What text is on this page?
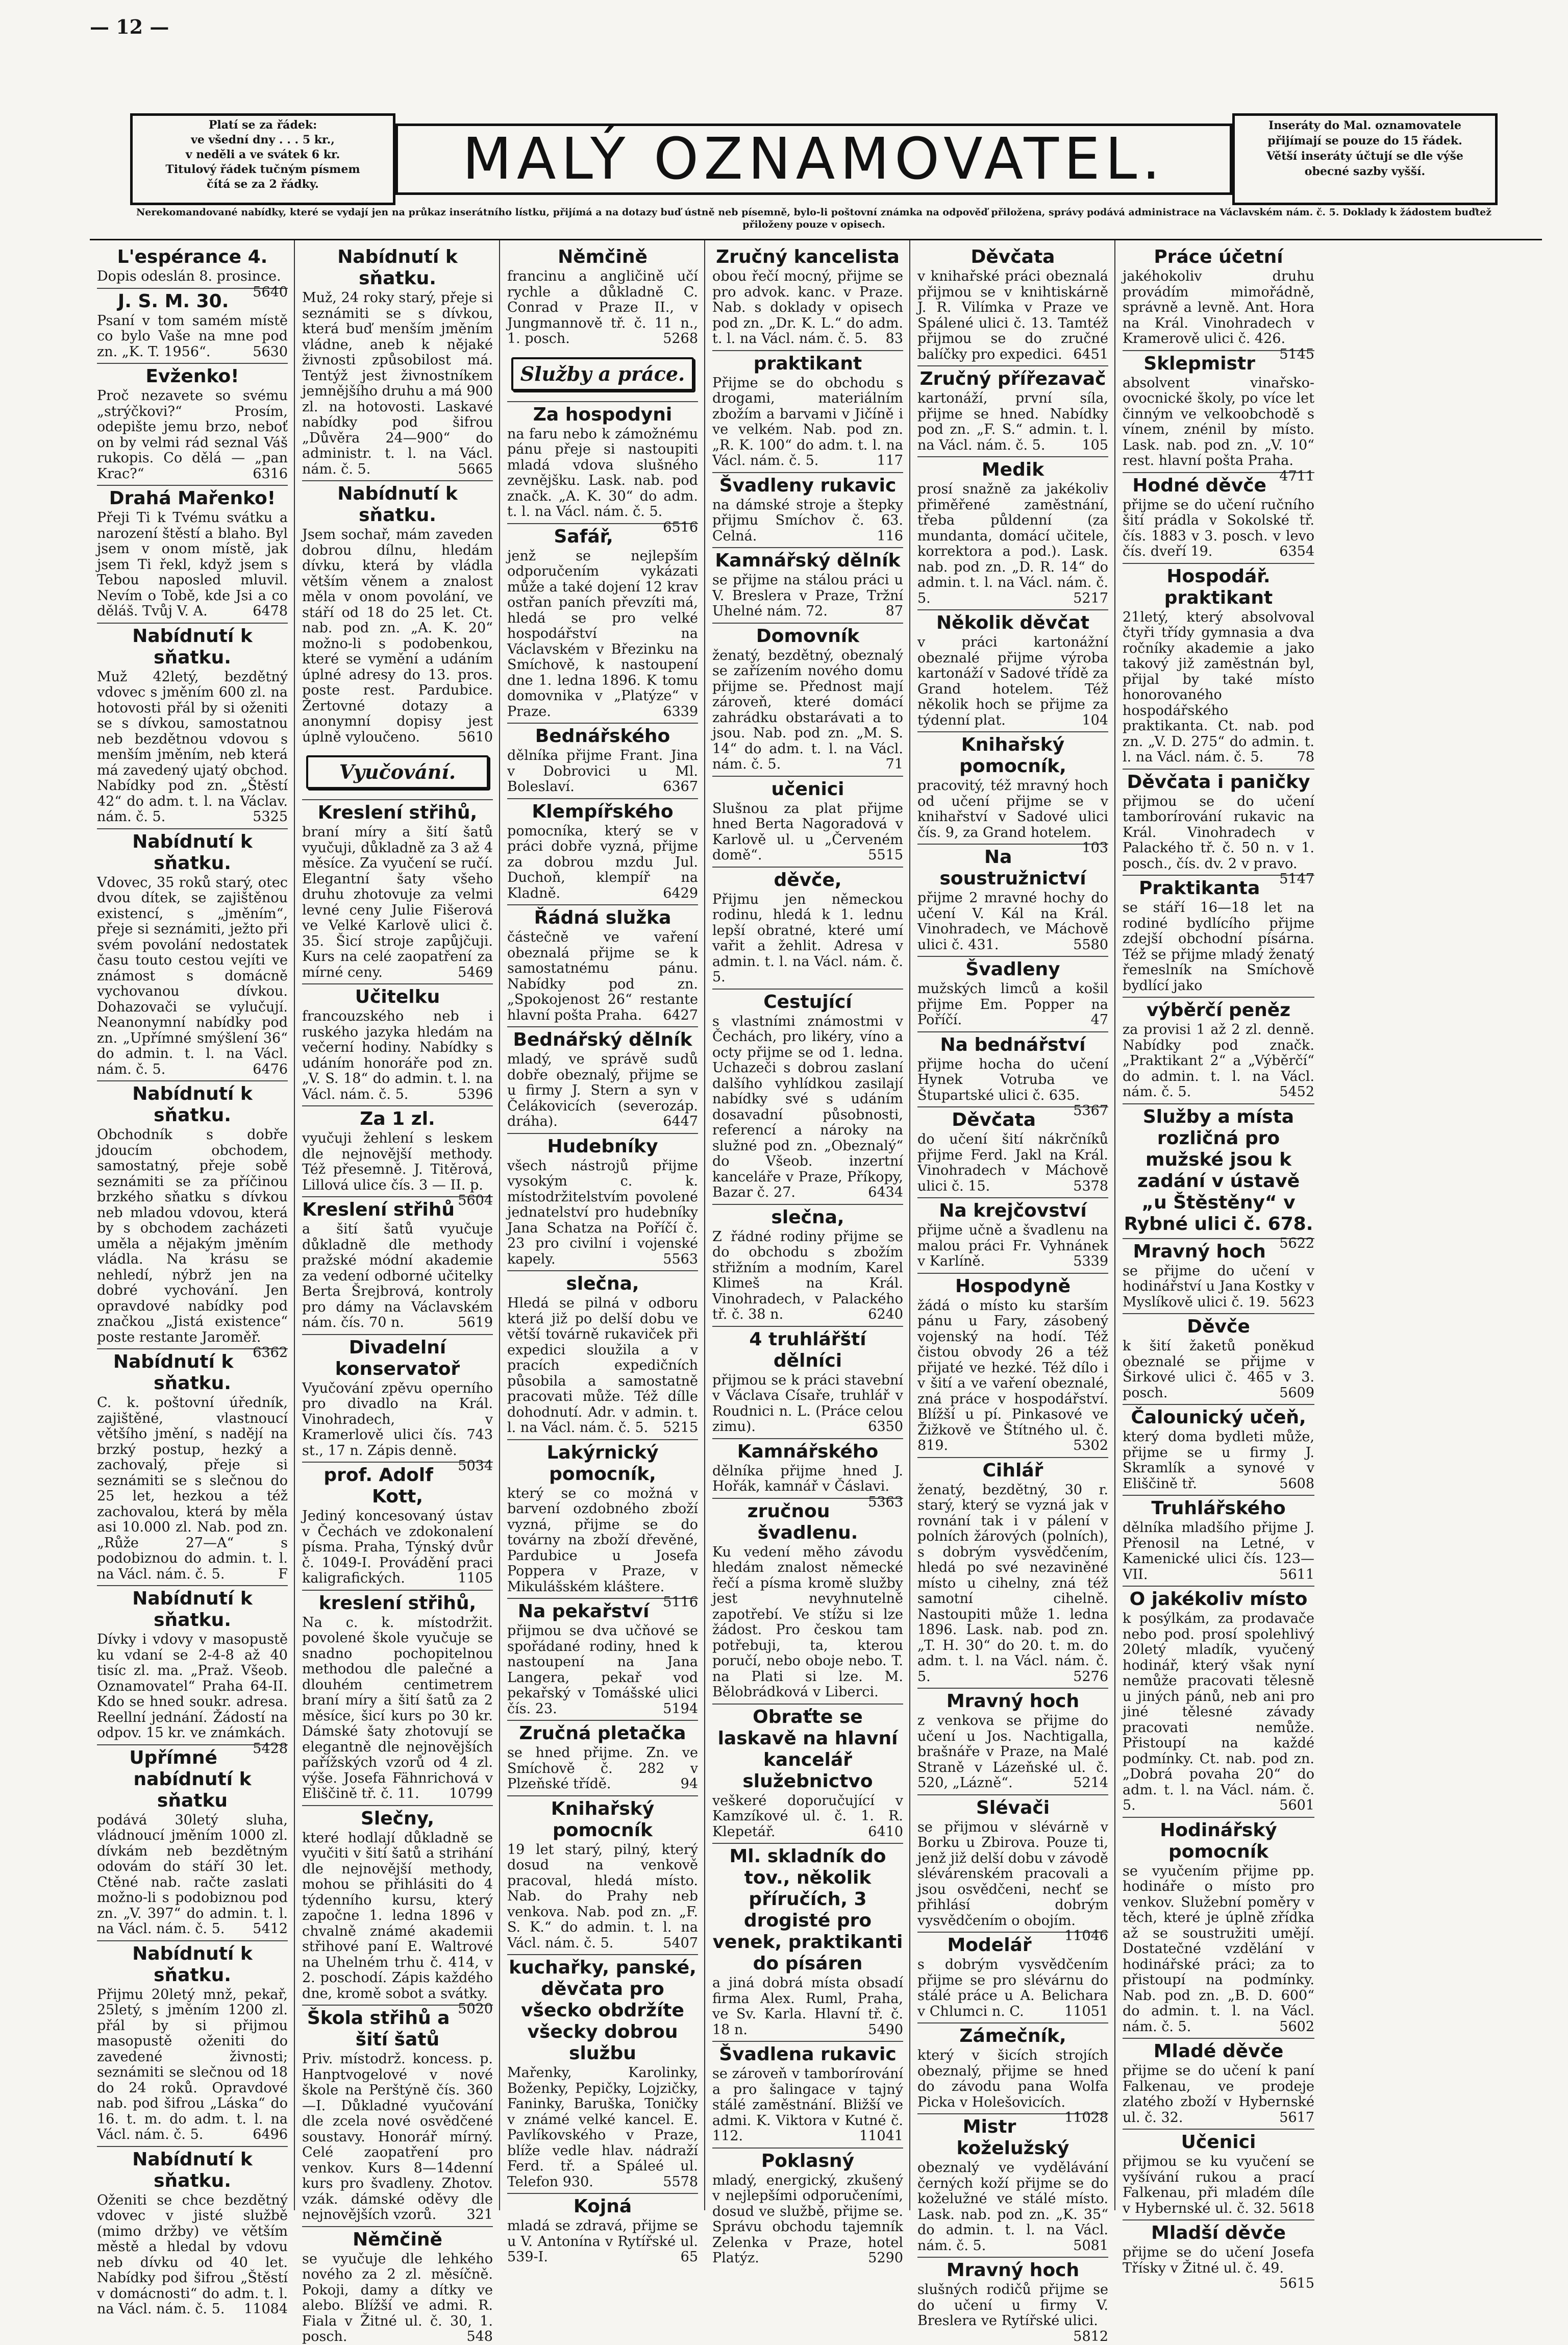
— 12 —
Platí se za řádek:
ve všední dny . . . 5 kr.,
v neděli a ve svátek 6 kr.
Titulový řádek tučným písmem
čítá se za 2 řádky.	MALÝ OZNAMOVATEL.
Inseráty do Mal. oznamovatele
přijímají se pouze do 15 řádek.
Větší inseráty účtují se dle výše
obecné sazby vyšší.
Nerekomandované nabídky, které se vydají jen na průkaz inserátního lístku, přijímá a na dotazy buď ústně neb písemně, bylo-li poštovní známka na odpověď přiložena, správy podává administrace na Václavském nám. č. 5. Doklady k žádostem buďtež přiloženy pouze v opisech.
L'espérance 4.
Dopis odeslán 8. prosince.
5640
J. S. M. 30.
Psaní v tom samém místě co bylo Vaše na mne pod zn. „K. T. 1956“.	5630
Evženko!
Proč nezavete so svému „strýčkovi?“ Prosím, odepište jemu brzo, neboť on by velmi rád seznal Váš rukopis. Co dělá — „pan Krac?“	6316
Drahá Mařenko!
Přeji Ti k Tvému svátku a narození štěstí a blaho. Byl jsem v onom místě, jak jsem Ti řekl, když jsem s Tebou naposled mluvil. Nevím o Tobě, kde Jsi a co děláš. Tvůj V. A.	6478
Nabídnutí k sňatku.
Muž 42letý, bezdětný vdovec s jměním 600 zl. na hotovosti přál by si oženiti se s dívkou, samostatnou neb bezdětnou vdovou s menším jměním, neb která má zavedený ujatý obchod. Nabídky pod zn. „Štěstí 42“ do adm. t. l. na Václav. nám. č. 5.	5325
Nabídnutí k sňatku.
Vdovec, 35 roků starý, otec dvou dítek, se zajištěnou existencí, s „jměním“, přeje si seznámiti, ježto při svém povolání nedostatek času touto cestou vejíti ve známost s domácně vychovanou dívkou. Dohazovači se vylučují. Neanonymní nabídky pod zn. „Upřímné smýšlení 36“ do admin. t. l. na Václ. nám. č. 5.	6476
Nabídnutí k sňatku.
Obchodník s dobře jdoucím obchodem, samostatný, přeje sobě seznámiti se za příčinou brzkého sňatku s dívkou neb mladou vdovou, která by s obchodem zacházeti uměla a nějakým jměním vládla. Na krásu se nehledí, nýbrž jen na dobré vychování. Jen opravdové nabídky pod značkou „Jistá existence“ poste restante Jaroměř.
6362
Nabídnutí k sňatku.
C. k. poštovní úředník, zajištěné, vlastnoucí většího jmění, s nadějí na brzký postup, hezký a zachovalý, přeje si seznámiti se s slečnou do 25 let, hezkou a též zachovalou, která by měla asi 10.000 zl. Nab. pod zn. „Růže 27—A“ s podobiznou do admin. t. l. na Václ. nám. č. 5.	F
Nabídnutí k sňatku.
Dívky i vdovy v masopustě ku vdaní se 2-4-8 až 40 tisíc zl. ma. „Praž. Všeob. Oznamovatel“ Praha 64-II. Kdo se hned soukr. adresa. Reellní jednání. Žádostí na odpov. 15 kr. ve známkách.
5428
Upřímné nabídnutí k sňatku
podává 30letý sluha, vládnoucí jměním 1000 zl. dívkám neb bezdětným odovám do stáří 30 let. Ctěné nab. račte zaslati možno-li s podobiznou pod zn. „V. 397“ do admin. t. l. na Václ. nám. č. 5. 5412
Nabídnutí k sňatku.
Přijmu 20letý mnž, pekař, 25letý, s jměním 1200 zl. přál by si přijmou masopustě oženiti do zavedené živnosti; seznámiti se slečnou od 18 do 24 roků. Opravdové nab. pod šifrou „Láska“ do 16. t. m. do adm. t. l. na Václ. nám. č. 5.	6496
Nabídnutí k sňatku.
Oženiti se chce bezdětný vdovec v jisté službě (mimo držby) ve větším městě a hledal by vdovu neb dívku od 40 let. Nabídky pod šifrou „Štěstí v domácnosti“ do adm. t. l. na Václ. nám. č. 5. 11084
Nabídnutí k sňatku.
Muž, 24 roky starý, přeje si seznámiti se s dívkou, která buď menším jměním vládne, aneb k nějaké živnosti způsobilost má. Tentýž jest živnostníkem jemnějšího druhu a má 900 zl. na hotovosti. Laskavé nabídky pod šifrou „Důvěra 24—900“ do administr. t. l. na Václ. nám. č. 5.	5665
Nabídnutí k sňatku.
Jsem sochař, mám zaveden dobrou dílnu, hledám dívku, která by vládla větším věnem a znalost měla v onom povolání, ve stáří od 18 do 25 let. Ct. nab. pod zn. „A. K. 20“ možno-li s podobenkou, které se vymění a udáním úplné adresy do 13. pros. poste rest. Pardubice. Žertovné dotazy a anonymní dopisy jest úplně vyloučeno.	5610
Vyučování.
Kreslení střihů,
braní míry a šití šatů vyučuji, důkladně za 3 až 4 měsíce. Za vyučení se ručí. Elegantní šaty všeho druhu zhotovuje za velmi levné ceny Julie Fišerová ve Velké Karlově ulici č. 35. Šicí stroje zapůjčuji. Kurs na celé zaopatření za mírné ceny.	5469
Učitelku
francouzského neb i ruského jazyka hledám na večerní hodiny. Nabídky s udáním honoráře pod zn. „V. S. 18“ do admin. t. l. na Václ. nám. č. 5.	5396
Za 1 zl.
vyučuji žehlení s leskem dle nejnovější methody. Též přesemně. J. Titěrová, Lillová ulice čís. 3 — II. p.
5604
Kreslení střihů
a šití šatů vyučuje důkladně dle methody pražské módní akademie za vedení odborné učitelky Berta Šrejbrová, kontroly pro dámy na Václavském nám. čís. 70 n.	5619
Divadelní konservatoř
Vyučování zpěvu operního pro divadlo na Král. Vinohradech, v Kramerlově ulici čís. 743 st., 17 n. Zápis denně.
5034
prof. Adolf Kott,
Jediný koncesovaný ústav v Čechách ve zdokonalení písma. Praha, Týnský dvůr č. 1049-I. Provádění praci kaligrafických.	1105
kreslení střihů,
Na c. k. místodržit. povolené škole vyučuje se snadno pochopitelnou methodou dle palečné a dlouhém centimetrem braní míry a šití šatů za 2 měsíce, šicí kurs po 30 kr. Dámské šaty zhotovují se elegantně dle nejnovějších pařížských vzorů od 4 zl. výše. Josefa Fähnrichová v Eliščině tř. č. 11. 10799
Slečny,
které hodlají důkladně se vyučiti v šití šatů a strihání dle nejnovější methody, mohou se přihlásiti do 4 týdenního kursu, který započne 1. ledna 1896 v chvalně známé akademii střihové paní E. Waltrové na Uhelném trhu č. 414, v 2. poschodí. Zápis každého dne, kromě sobot a svátky.
5020
Škola střihů a šití šatů
Priv. místodrž. koncess. p. Hanptvogelové v nové škole na Perštýně čís. 360—I. Důkladné vyučování dle zcela nové osvědčené soustavy. Honorář mírný. Celé zaopatření pro venkov. Kurs 8—14denní kurs pro švadleny. Zhotov. vzák. dámské oděvy dle nejnovějších vzorů. 321
Němčině
se vyučuje dle lehkého nového za 2 zl. měsíčně. Pokoji, damy a dítky ve alebo. Blížší ve admi. R. Fiala v Žitné ul. č. 30, 1. posch.	548
Němčině
francinu a angličině učí rychle a důkladně C. Conrad v Praze II., v Jungmannově tř. č. 11 n., 1. posch.	5268
Služby a práce.
Za hospodyni
na faru nebo k zámožnému pánu přeje si nastoupiti mladá vdova slušného zevnějšku. Lask. nab. pod značk. „A. K. 30“ do adm. t. l. na Václ. nám. č. 5.
6516
Safář,
jenž se nejlepším odporučením vykázati může a také dojení 12 krav ostřan paních převzíti má, hledá se pro velké hospodářství na Václavském v Březinku na Smíchově, k nastoupení dne 1. ledna 1896. K tomu domovnika v „Platýze“ v Praze.	6339
Bednářského
dělníka přijme Frant. Jina v Dobrovici u Ml. Boleslaví.	6367
Klempířského
pomocníka, který se v práci dobře vyzná, přijme za dobrou mzdu Jul. Duchoň, klempíř na Kladně.	6429
Řádná služka
částečně ve vaření obeznalá přijme se k samostatnému pánu. Nabídky pod zn. „Spokojenost 26“ restante hlavní pošta Praha. 6427
Bednářský dělník
mladý, ve správě sudů dobře obeznalý, přijme se u firmy J. Stern a syn v Čelákovicích (severozáp. dráha).	6447
Hudebníky
všech nástrojů přijme vysokým c. k. místodržitelstvím povolené jednatelství pro hudebníky Jana Schatza na Poříčí č. 23 pro civilní i vojenské kapely.	5563
slečna,
Hledá se pilná v odboru která již po delší dobu ve větší továrně rukaviček při expedici sloužila a v pracích expedičních působila a samostatně pracovati může. Též dílle dohodnutí. Adr. v admin. t. l. na Václ. nám. č. 5. 5215
Lakýrnický pomocník,
který se co možná v barvení ozdobného zboží vyzná, přijme se do továrny na zboží dřevěné, Pardubice u Josefa Poppera v Praze, v Mikulášském kláštere.
5116
Na pekařství
přijmou se dva učňové se spořádané rodiny, hned k nastoupení na Jana Langera, pekař vod pekařský v Tomášské ulici čís. 23.	5194
Zručná pletačka
se hned přijme. Zn. ve Smíchově č. 282 v Plzeňské třídě.	94
Knihařský pomocník
19 let starý, pilný, který dosud na venkově pracoval, hledá místo. Nab. do Prahy neb venkova. Nab. pod zn. „F. S. K.“ do admin. t. l. na Václ. nám. č. 5.	5407
kuchařky, panské, děvčata pro všecko obdržíte všecky dobrou službu
Mařenky, Karolinky, Boženky, Pepičky, Lojzičky, Faninky, Baruška, Toničky v známé velké kancel. E. Pavlíkovského v Praze, blíže vedle hlav. nádraží Ferd. tř. a Spáleé ul. Telefon 930.	5578
Kojná
mladá se zdravá, přijme se u V. Antonína v Rytířské ul. 539-I.	65
Zručný kancelista
obou řečí mocný, přijme se pro advok. kanc. v Praze. Nab. s doklady v opisech pod zn. „Dr. K. L.“ do adm. t. l. na Václ. nám. č. 5. 83
praktikant
Přijme se do obchodu s drogami, materiálním zbožím a barvami v Jičíně i ve velkém. Nab. pod zn. „R. K. 100“ do adm. t. l. na Václ. nám. č. 5.	117
Švadleny rukavic
na dámské stroje a štepky přijmu Smíchov č. 63. Celná.	116
Kamnářský dělník
se přijme na stálou práci u V. Breslera v Praze, Tržní Uhelné nám. 72.	87
Domovník
ženatý, bezdětný, obeznalý se zařízením nového domu přijme se. Přednost mají zároveň, které domácí zahrádku obstarávati a to jsou. Nab. pod zn. „M. S. 14“ do adm. t. l. na Václ. nám. č. 5.	71
učenici
Slušnou za plat přijme hned Berta Nagoradová v Karlově ul. u „Červeném domě“.	5515
děvče,
Přijmu jen německou rodinu, hledá k 1. lednu lepší obratné, které umí vařit a žehlit. Adresa v admin. t. l. na Václ. nám. č. 5.
Cestující
s vlastními známostmi v Čechách, pro likéry, víno a octy přijme se od 1. ledna. Uchazeči s dobrou zaslaní dalšího vyhlídkou zasilají nabídky své s udáním dosavadní působnosti, referencí a nároky na služné pod zn. „Obeznalý“ do Všeob. inzertní kanceláře v Praze, Příkopy, Bazar č. 27.	6434
slečna,
Z řádné rodiny přijme se do obchodu s zbožím střižním a modním, Karel Klimeš na Král. Vinohradech, v Palackého tř. č. 38 n.	6240
4 truhlářští dělníci
přijmou se k práci stavební v Václava Císaře, truhlář v Roudnici n. L. (Práce celou zimu).	6350
Kamnářského
dělníka přijme hned J. Hořák, kamnář v Čáslavi.
5363
zručnou švadlenu.
Ku vedení měho závodu hledám znalost německé řečí a písma kromě služby jest nevyhnutelně zapotřebí. Ve stížu si lze žádost. Pro českou tam potřebuji, ta, kterou poručí, nebo oboje nebo. T. na Plati si lze. M. Bělobrádková v Liberci.
Obraťte se laskavě na hlavní kancelář služebnictvo
veškeré doporučující v Kamzíkové ul. č. 1. R. Klepetář.	6410
Ml. skladník do tov., několik příručích, 3 drogisté pro venek, praktikanti do písáren
a jiná dobrá místa obsadí firma Alex. Ruml, Praha, ve Sv. Karla. Hlavní tř. č. 18 n.	5490
Švadlena rukavic
se zároveň v tamborírování a pro šalingace v tajný stálé zaměstnání. Bližší ve admi. K. Viktora v Kutné č. 112.	11041
Poklasný
mladý, energický, zkušený v nejlepšími odporučeními, dosud ve službě, přijme se. Správu obchodu tajemník Zelenka v Praze, hotel Platýz.	5290
Děvčata
v knihařské práci obeznalá přijmou se v knihtiskárně J. R. Vilímka v Praze ve Spálené ulici č. 13. Tamtéž přijmou se do zručné balíčky pro expedici. 6451
Zručný přířezavač
kartonáží, první síla, přijme se hned. Nabídky pod zn. „F. S.“ admin. t. l. na Václ. nám. č. 5.	105
Medik
prosí snažně za jakékoliv přiměřené zaměstnání, třeba půldenní (za mundanta, domácí učitele, korrektora a pod.). Lask. nab. pod zn. „D. R. 14“ do admin. t. l. na Václ. nám. č. 5.	5217
Několik děvčat
v práci kartonážní obeznalé přijme výroba kartonáží v Sadové třídě za Grand hotelem. Též několik hoch se přijme za týdenní plat.	104
Knihařský pomocník,
pracovitý, též mravný hoch od učení přijme se v knihařství v Sadové ulici čís. 9, za Grand hotelem.
103
Na soustružnictví
přijme 2 mravné hochy do učení V. Kál na Král. Vinohradech, ve Máchově ulici č. 431.	5580
Švadleny
mužských limců a košil přijme Em. Popper na Poříčí.	47
Na bednářství
přijme hocha do učení Hynek Votruba ve Štupartské ulici č. 635.
5367
Děvčata
do učení šití nákrčníků přijme Ferd. Jakl na Král. Vinohradech v Máchově ulici č. 15.	5378
Na krejčovství
přijme učně a švadlenu na malou práci Fr. Vyhnánek v Karlíně.	5339
Hospodyně
žádá o místo ku starším pánu u Fary, zásobený vojenský na hodí. Též čistou obvody 26 a též přijaté ve hezké. Též dílo i v šití a ve vaření obeznalé, zná práce v hospodářství. Blížší u pí. Pinkasové ve Žižkově ve Štítného ul. č. 819.	5302
Cihlář
ženatý, bezdětný, 30 r. starý, který se vyzná jak v rovnání tak i v pálení v polních žárových (polních), s dobrým vysvědčením, hledá po své nezaviněné místo u cihelny, zná též samotní cihelně. Nastoupiti může 1. ledna 1896. Lask. nab. pod zn. „T. H. 30“ do 20. t. m. do adm. t. l. na Václ. nám. č. 5.	5276
Mravný hoch
z venkova se přijme do učení u Jos. Nachtigalla, brašnáře v Praze, na Malé Straně v Lázeňské ul. č. 520, „Lázně“.	5214
Slévači
se přijmou v slévárně v Borku u Zbirova. Pouze ti, jenž již delší dobu v závodě slévárenském pracovali a jsou osvědčeni, nechť se přihlásí dobrým vysvědčením o obojím.
11046
Modelář
s dobrým vysvědčením přijme se pro slévárnu do stálé práce u A. Belichara v Chlumci n. C.	11051
Zámečník,
který v šicích strojích obeznalý, přijme se hned do závodu pana Wolfa Picka v Holešovicích.
11028
Mistr koželužský
obeznalý ve vydělávání černých koží přijme se do koželužné ve stálé místo. Lask. nab. pod zn. „K. 35“ do admin. t. l. na Václ. nám. č. 5.	5081
Mravný hoch
slušných rodičů přijme se do učení u firmy V. Breslera ve Rytířské ulici.
5812
Práce účetní
jakéhokoliv druhu provádím mimořádně, správně a levně. Ant. Hora na Král. Vinohradech v Kramerově ulici č. 426.
5145
Sklepmistr
absolvent vinařsko-ovocnické školy, po více let činným ve velkoobchodě s vínem, znénil by místo. Lask. nab. pod zn. „V. 10“ rest. hlavní pošta Praha.
4711
Hodné děvče
přijme se do učení ručního šití prádla v Sokolské tř. čís. 1883 v 3. posch. v levo čís. dveří 19.	6354
Hospodář. praktikant
21letý, který absolvoval čtyři třídy gymnasia a dva ročníky akademie a jako takový již zaměstnán byl, přijal by také místo honorovaného hospodářského praktikanta. Ct. nab. pod zn. „V. D. 275“ do admin. t. l. na Václ. nám. č. 5. 78
Děvčata i paničky
přijmou se do učení tamborírování rukavic na Král. Vinohradech v Palackého tř. č. 50 n. v 1. posch., čís. dv. 2 v pravo.
5147
Praktikanta
se stáří 16—18 let na rodiné bydlícího přijme zdejší obchodní písárna. Též se přijme mladý ženatý řemeslník na Smíchově bydlící jako
výběrčí peněz
za provisi 1 až 2 zl. denně. Nabídky pod značk. „Praktikant 2“ a „Výběrčí“ do admin. t. l. na Václ. nám. č. 5.	5452
Služby a místa rozličná pro mužské jsou k zadání v ústavě „u Štěstěny“ v Rybné ulici č. 678.
5622
Mravný hoch
se přijme do učení v hodinářství u Jana Kostky v Myslíkově ulici č. 19. 5623
Děvče
k šití žaketů poněkud obeznalé se přijme v Širkové ulici č. 465 v 3. posch.	5609
Čalounický učeň,
který doma bydleti může, přijme se u firmy J. Skramlík a synové v Eliščině tř.	5608
Truhlářského
dělníka mladšího přijme J. Přenosil na Letné, v Kamenické ulici čís. 123—VII.	5611
O jakékoliv místo
k posýlkám, za prodavače nebo pod. prosí spolehlivý 20letý mladík, vyučený hodinář, který však nyní nemůže pracovati tělesně u jiných pánů, neb ani pro jiné tělesné závady pracovati nemůže. Přistoupí na každé podmínky. Ct. nab. pod zn. „Dobrá povaha 20“ do adm. t. l. na Václ. nám. č. 5.	5601
Hodinářský pomocník
se vyučením přijme pp. hodináře o místo pro venkov. Služební poměry v těch, které je úplně zřídka až se soustružiti umějí. Dostatečné vzdělání v hodinářské práci; za to přistoupí na podmínky. Nab. pod zn. „B. D. 600“ do admin. t. l. na Václ. nám. č. 5.	5602
Mladé děvče
přijme se do učení k paní Falkenau, ve prodeje zlatého zboží v Hybernské ul. č. 32.	5617
Učenici
přijmou se ku vyučení se vyšívání rukou a prací Falkenau, při mladém díle v Hybernské ul. č. 32. 5618
Mladší děvče
přijme se do učení Josefa Třísky v Žitné ul. č. 49.
5615
